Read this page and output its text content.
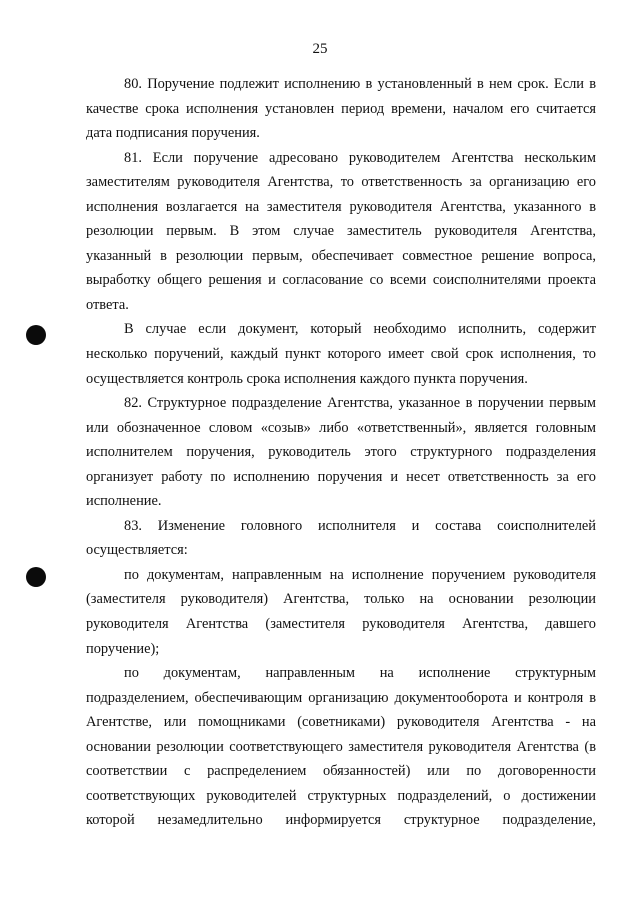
25
80. Поручение подлежит исполнению в установленный в нем срок. Если в
качестве срока исполнения установлен период времени, началом его считается
дата подписания поручения.
81. Если поручение адресовано руководителем Агентства нескольким
заместителям руководителя Агентства, то ответственность за организацию его
исполнения возлагается на заместителя руководителя Агентства, указанного в
резолюции первым. В этом случае заместитель руководителя Агентства,
указанный в резолюции первым, обеспечивает совместное решение вопроса,
выработку общего решения и согласование со всеми соисполнителями проекта
ответа.
В случае если документ, который необходимо исполнить, содержит
несколько поручений, каждый пункт которого имеет свой срок исполнения, то
осуществляется контроль срока исполнения каждого пункта поручения.
82. Структурное подразделение Агентства, указанное в поручении первым
или обозначенное словом «созыв» либо «ответственный», является головным
исполнителем поручения, руководитель этого структурного подразделения
организует работу по исполнению поручения и несет ответственность за его
исполнение.
83. Изменение головного исполнителя и состава соисполнителей
осуществляется:
по документам, направленным на исполнение поручением руководителя
(заместителя руководителя) Агентства, только на основании резолюции
руководителя Агентства (заместителя руководителя Агентства, давшего
поручение);
по документам, направленным на исполнение структурным
подразделением, обеспечивающим организацию документооборота и контроля в
Агентстве, или помощниками (советниками) руководителя Агентства - на
основании резолюции соответствующего заместителя руководителя Агентства (в
соответствии с распределением обязанностей) или по договоренности
соответствующих руководителей структурных подразделений, о достижении
которой незамедлительно информируется структурное подразделение,
